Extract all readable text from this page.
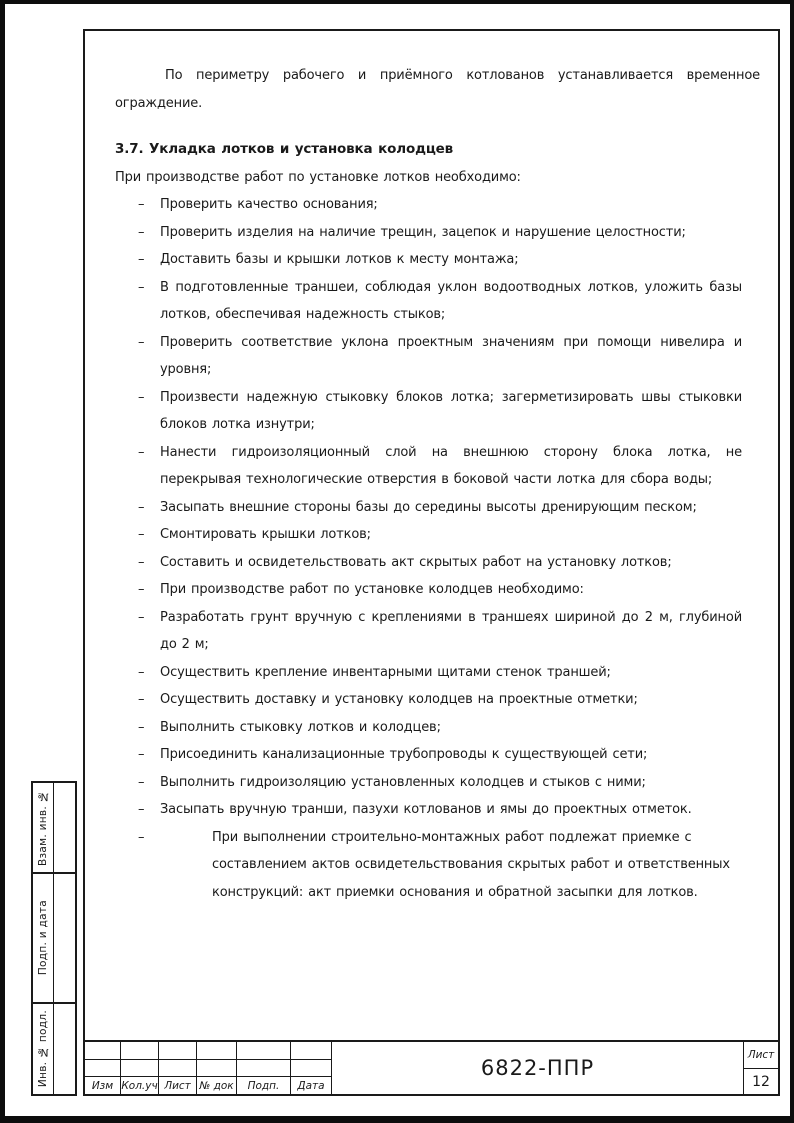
По периметру рабочего и приёмного котлованов устанавливается временное ограждение.

3.7. Укладка лотков и установка колодцев

При производстве работ по установке лотков необходимо:

–	Проверить качество основания;
–	Проверить изделия на наличие трещин, зацепок и нарушение целостности;
–	Доставить базы и крышки лотков к месту монтажа;
–	В подготовленные траншеи, соблюдая уклон водоотводных лотков, уложить базы лотков, обеспечивая надежность стыков;
–	Проверить соответствие уклона проектным значениям при помощи нивелира и уровня;
–	Произвести надежную стыковку блоков лотка; загерметизировать швы стыковки блоков лотка изнутри;
–	Нанести гидроизоляционный слой на внешнюю сторону блока лотка, не перекрывая технологические отверстия в боковой части лотка для сбора воды;
–	Засыпать внешние стороны базы до середины высоты дренирующим песком;
–	Смонтировать крышки лотков;
–	Составить и освидетельствовать акт скрытых работ на установку лотков;
–	При производстве работ по установке колодцев необходимо:
–	Разработать грунт вручную с креплениями в траншеях шириной до 2 м, глубиной до 2 м;
–	Осуществить крепление инвентарными щитами стенок траншей;
–	Осуществить доставку и установку колодцев на проектные отметки;
–	Выполнить стыковку лотков и колодцев;
–	Присоединить канализационные трубопроводы к существующей сети;
–	Выполнить гидроизоляцию установленных колодцев и стыков с ними;
–	Засыпать вручную транши, пазухи котлованов и ямы до проектных отметок.
–	При выполнении строительно-монтажных работ подлежат приемке с составлением актов освидетельствования скрытых работ и ответственных конструкций: акт приемки основания и обратной засыпки для лотков.
Взам. инв. №
Подп. и дата
Инв. № подл.	Изм Кол.уч Лист № док	Подп.	Дата
6822-ППР
Лист
12
